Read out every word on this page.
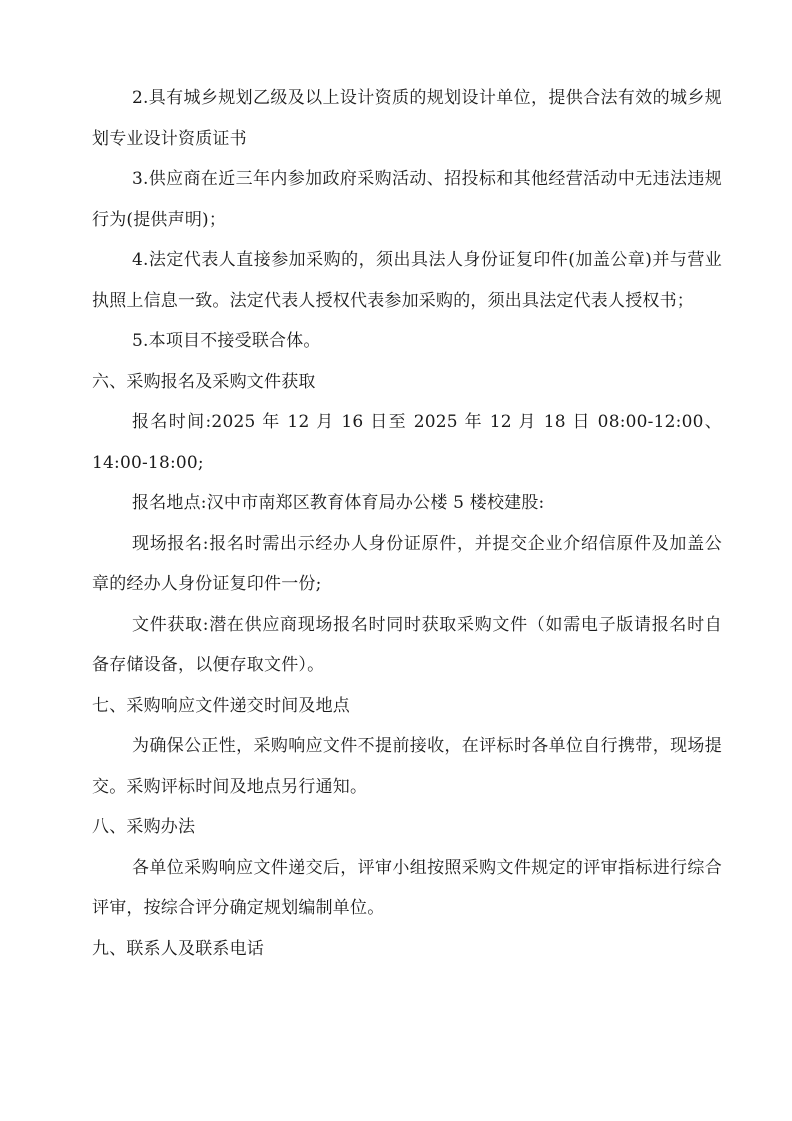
2.具有城乡规划乙级及以上设计资质的规划设计单位，提供合法有效的城乡规划专业设计资质证书

3.供应商在近三年内参加政府采购活动、招投标和其他经营活动中无违法违规行为(提供声明)；

4.法定代表人直接参加采购的，须出具法人身份证复印件(加盖公章)并与营业执照上信息一致。法定代表人授权代表参加采购的，须出具法定代表人授权书；

5.本项目不接受联合体。

六、采购报名及采购文件获取

报名时间:2025 年 12 月 16 日至 2025 年 12 月 18 日 08:00-12:00、14:00-18:00;

报名地点:汉中市南郑区教育体育局办公楼 5 楼校建股:

现场报名:报名时需出示经办人身份证原件，并提交企业介绍信原件及加盖公章的经办人身份证复印件一份;

文件获取:潜在供应商现场报名时同时获取采购文件（如需电子版请报名时自备存储设备，以便存取文件）。

七、采购响应文件递交时间及地点

为确保公正性，采购响应文件不提前接收，在评标时各单位自行携带，现场提交。采购评标时间及地点另行通知。

八、采购办法

各单位采购响应文件递交后，评审小组按照采购文件规定的评审指标进行综合评审，按综合评分确定规划编制单位。

九、联系人及联系电话
